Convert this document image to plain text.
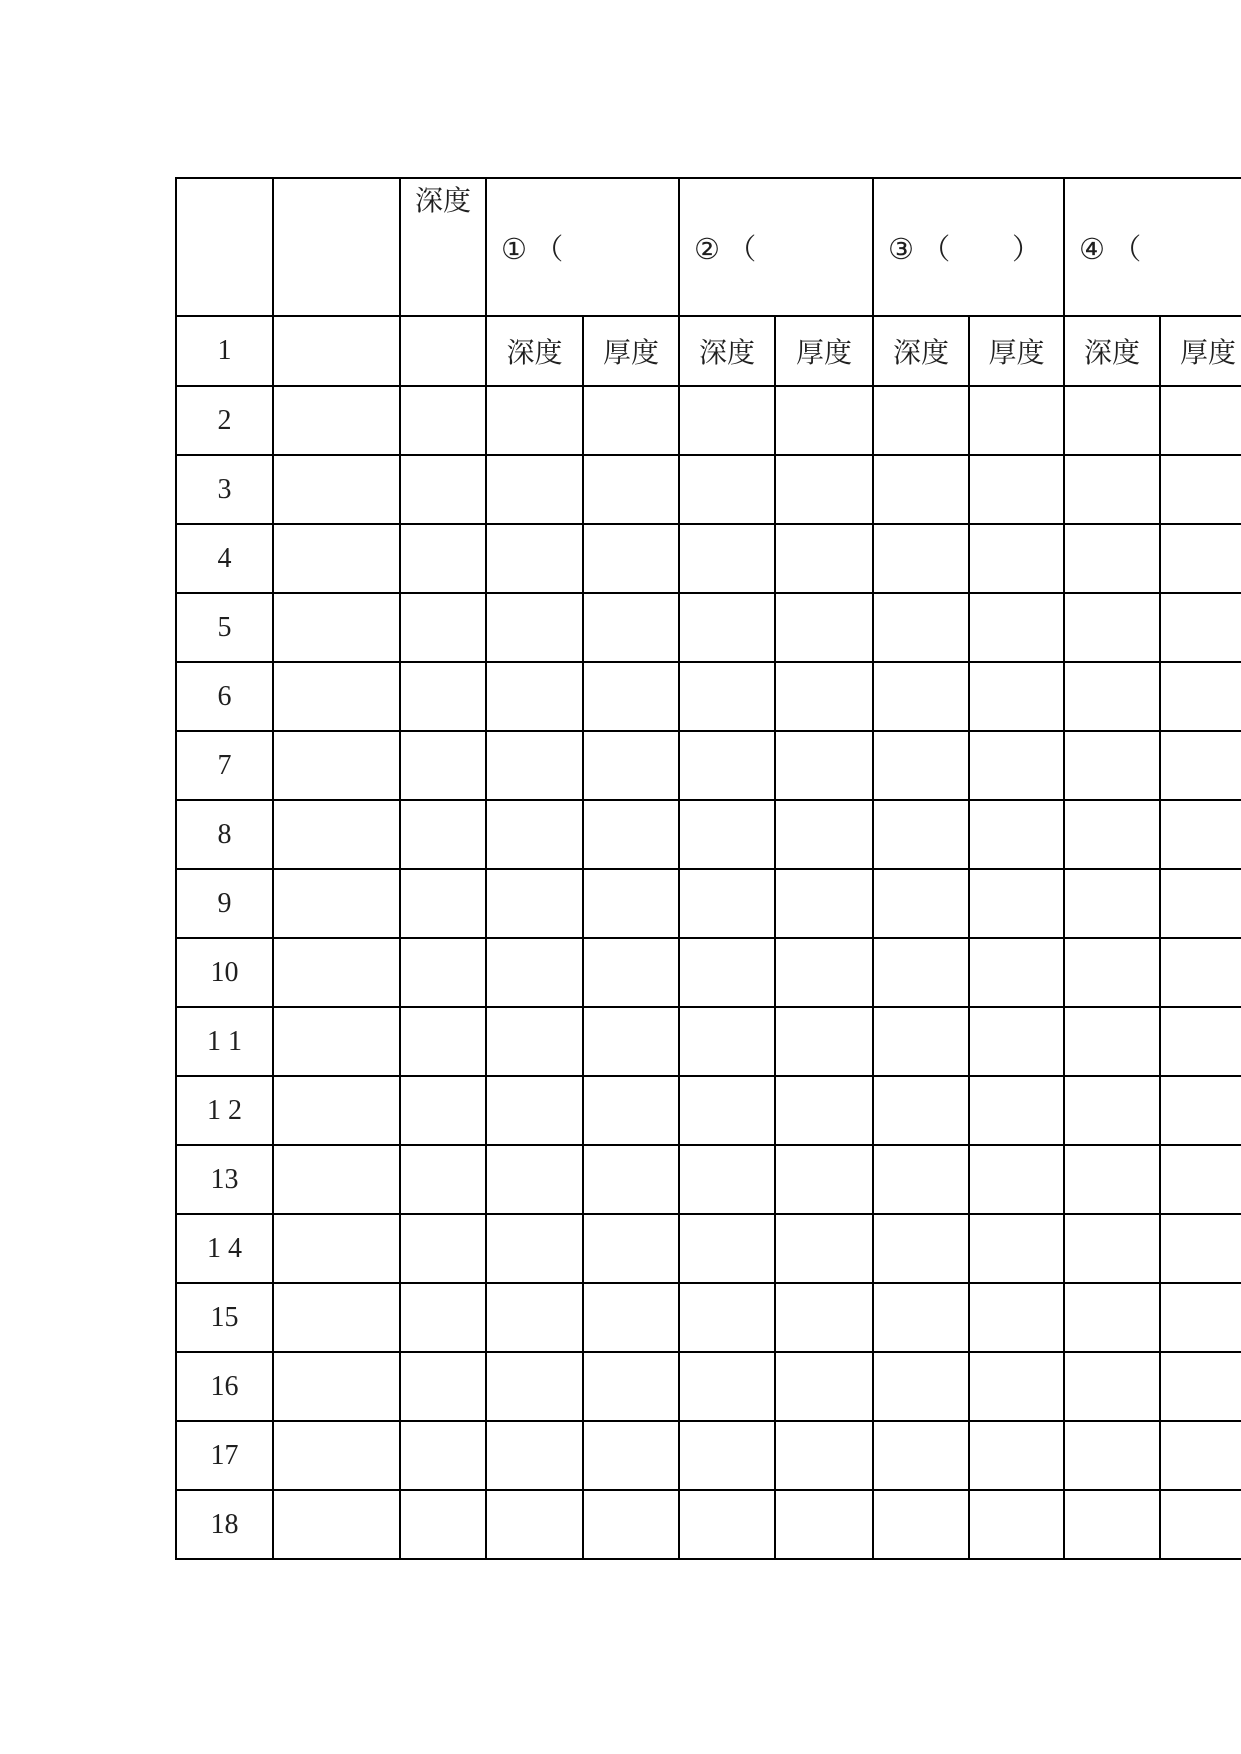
		深度	① （		② （		③ （ ）		④ （	

1			深度	厚度	深度	厚度	深度	厚度	深度	厚度
2										
3										
4										
5										
6										
7										
8										
9										
10										
1 1										
1 2										
13										
1 4										
15										
16										
17										
18										
